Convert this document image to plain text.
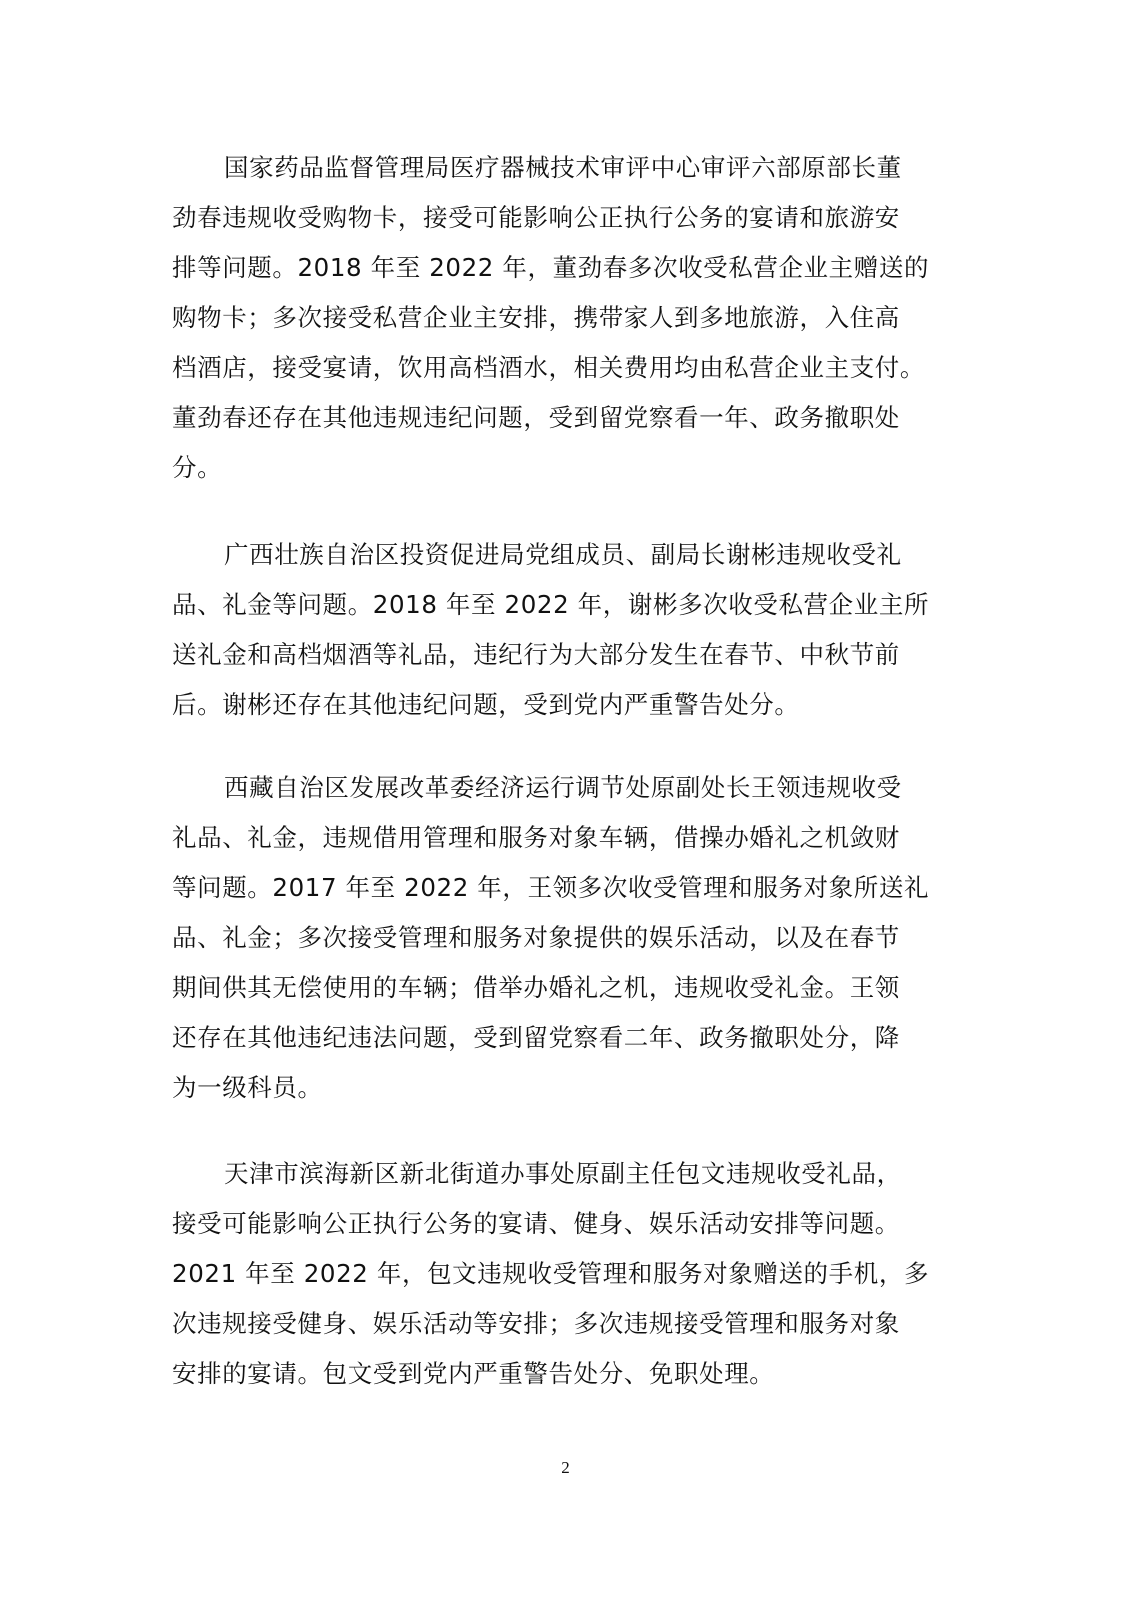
国家药品监督管理局医疗器械技术审评中心审评六部原部长董
劲春违规收受购物卡，接受可能影响公正执行公务的宴请和旅游安
排等问题。2018 年至 2022 年，董劲春多次收受私营企业主赠送的
购物卡；多次接受私营企业主安排，携带家人到多地旅游，入住高
档酒店，接受宴请，饮用高档酒水，相关费用均由私营企业主支付。
董劲春还存在其他违规违纪问题，受到留党察看一年、政务撤职处
分。
广西壮族自治区投资促进局党组成员、副局长谢彬违规收受礼
品、礼金等问题。2018 年至 2022 年，谢彬多次收受私营企业主所
送礼金和高档烟酒等礼品，违纪行为大部分发生在春节、中秋节前
后。谢彬还存在其他违纪问题，受到党内严重警告处分。
西藏自治区发展改革委经济运行调节处原副处长王领违规收受
礼品、礼金，违规借用管理和服务对象车辆，借操办婚礼之机敛财
等问题。2017 年至 2022 年，王领多次收受管理和服务对象所送礼
品、礼金；多次接受管理和服务对象提供的娱乐活动，以及在春节
期间供其无偿使用的车辆；借举办婚礼之机，违规收受礼金。王领
还存在其他违纪违法问题，受到留党察看二年、政务撤职处分，降
为一级科员。
天津市滨海新区新北街道办事处原副主任包文违规收受礼品，
接受可能影响公正执行公务的宴请、健身、娱乐活动安排等问题。
2021 年至 2022 年，包文违规收受管理和服务对象赠送的手机，多
次违规接受健身、娱乐活动等安排；多次违规接受管理和服务对象
安排的宴请。包文受到党内严重警告处分、免职处理。
2
